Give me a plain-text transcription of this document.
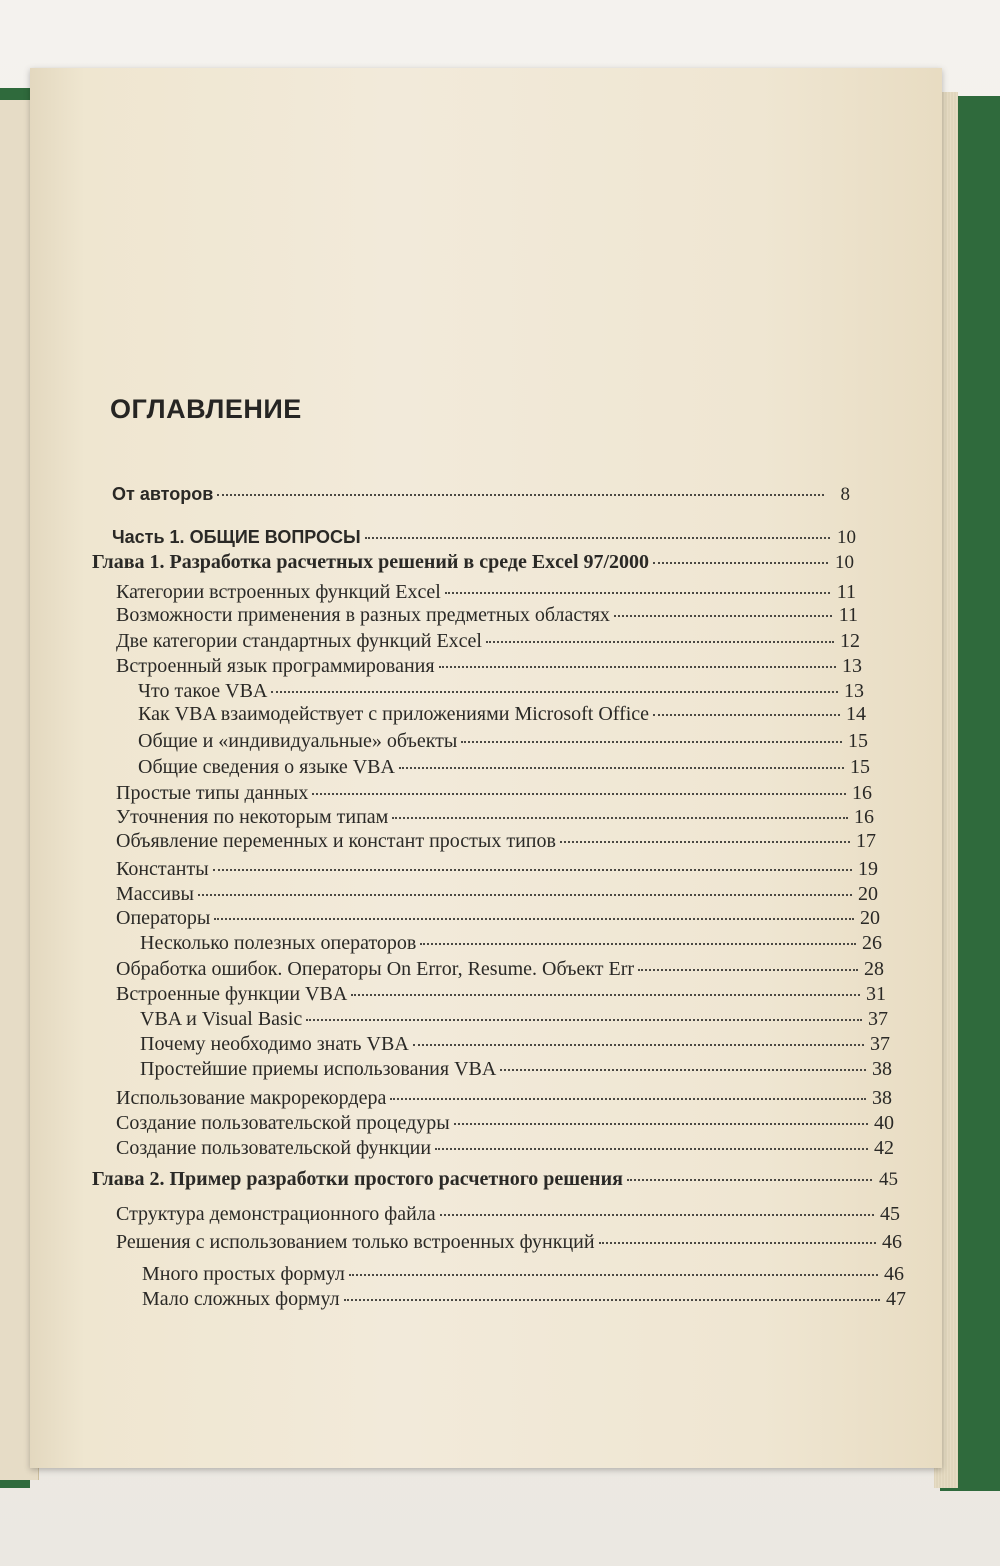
ОГЛАВЛЕНИЕ
От авторов	8
Часть 1. ОБЩИЕ ВОПРОСЫ	10
Глава 1. Разработка расчетных решений в среде Excel 97/2000	10
Категории встроенных функций Excel	11
Возможности применения в разных предметных областях	11
Две категории стандартных функций Excel	12
Встроенный язык программирования	13
Что такое VBA	13
Как VBA взаимодействует с приложениями Microsoft Office	14
Общие и «индивидуальные» объекты	15
Общие сведения о языке VBA	15
Простые типы данных	16
Уточнения по некоторым типам	16
Объявление переменных и констант простых типов	17
Константы	19
Массивы	20
Операторы	20
Несколько полезных операторов	26
Обработка ошибок. Операторы On Error, Resume. Объект Err	28
Встроенные функции VBA	31
VBA и Visual Basic	37
Почему необходимо знать VBA	37
Простейшие приемы использования VBA	38
Использование макрорекордера	38
Создание пользовательской процедуры	40
Создание пользовательской функции	42
Глава 2. Пример разработки простого расчетного решения	45
Структура демонстрационного файла	45
Решения с использованием только встроенных функций	46
Много простых формул	46
Мало сложных формул	47
